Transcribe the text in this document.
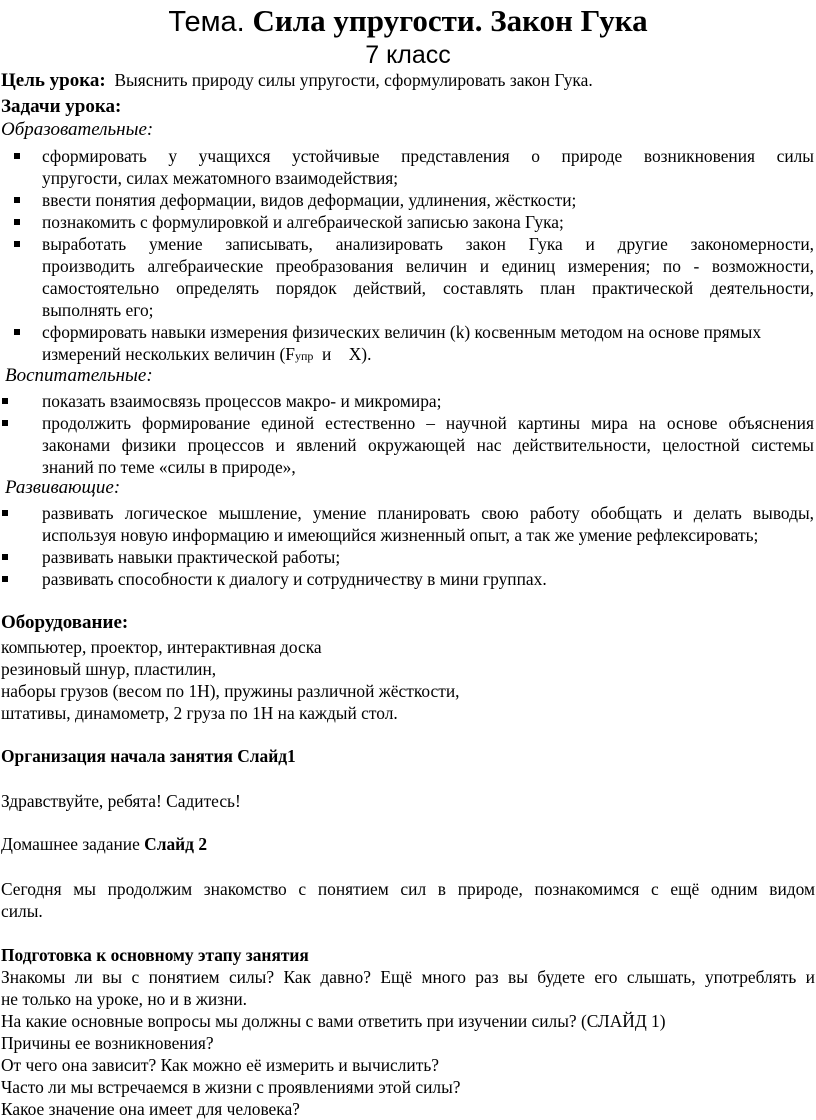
Тема. Сила упругости. Закон Гука
7 класс
Цель урока: Выяснить природу силы упругости, сформулировать закон Гука.
Задачи урока:
Образовательные:
сформировать у учащихся устойчивые представления о природе возникновения силы
упругости, силах межатомного взаимодействия;
ввести понятия деформации, видов деформации, удлинения, жёсткости;
познакомить с формулировкой и алгебраической записью закона Гука;
выработать умение записывать, анализировать закон Гука и другие закономерности,
производить алгебраические преобразования величин и единиц измерения; по - возможности,
самостоятельно определять порядок действий, составлять план практической деятельности,
выполнять его;
сформировать навыки измерения физических величин (k) косвенным методом на основе прямых
измерений нескольких величин (Fупр  и    X).
Воспитательные:
показать взаимосвязь процессов макро- и микромира;
продолжить формирование единой естественно – научной картины мира на основе объяснения
законами физики процессов и явлений окружающей нас действительности, целостной системы
знаний по теме «силы в природе»,
Развивающие:
развивать логическое мышление, умение планировать свою работу обобщать и делать выводы,
используя новую информацию и имеющийся жизненный опыт, а так же умение рефлексировать;
развивать навыки практической работы;
развивать способности к диалогу и сотрудничеству в мини группах.
Оборудование:
компьютер, проектор, интерактивная доска
резиновый шнур, пластилин,
наборы грузов (весом по 1Н), пружины различной жёсткости,
штативы, динамометр, 2 груза по 1Н на каждый стол.
Организация начала занятия Слайд1
Здравствуйте, ребята! Садитесь!
Домашнее задание Слайд 2
Сегодня мы продолжим знакомство с понятием сил в природе, познакомимся с ещё одним видом
силы.
Подготовка к основному этапу занятия
Знакомы ли вы с понятием силы? Как давно? Ещё много раз вы будете его слышать, употреблять и
не только на уроке, но и в жизни.
На какие основные вопросы мы должны с вами ответить при изучении силы? (СЛАЙД 1)
Причины ее возникновения?
От чего она зависит? Как можно её измерить и вычислить?
Часто ли мы встречаемся в жизни с проявлениями этой силы?
Какое значение она имеет для человека?
